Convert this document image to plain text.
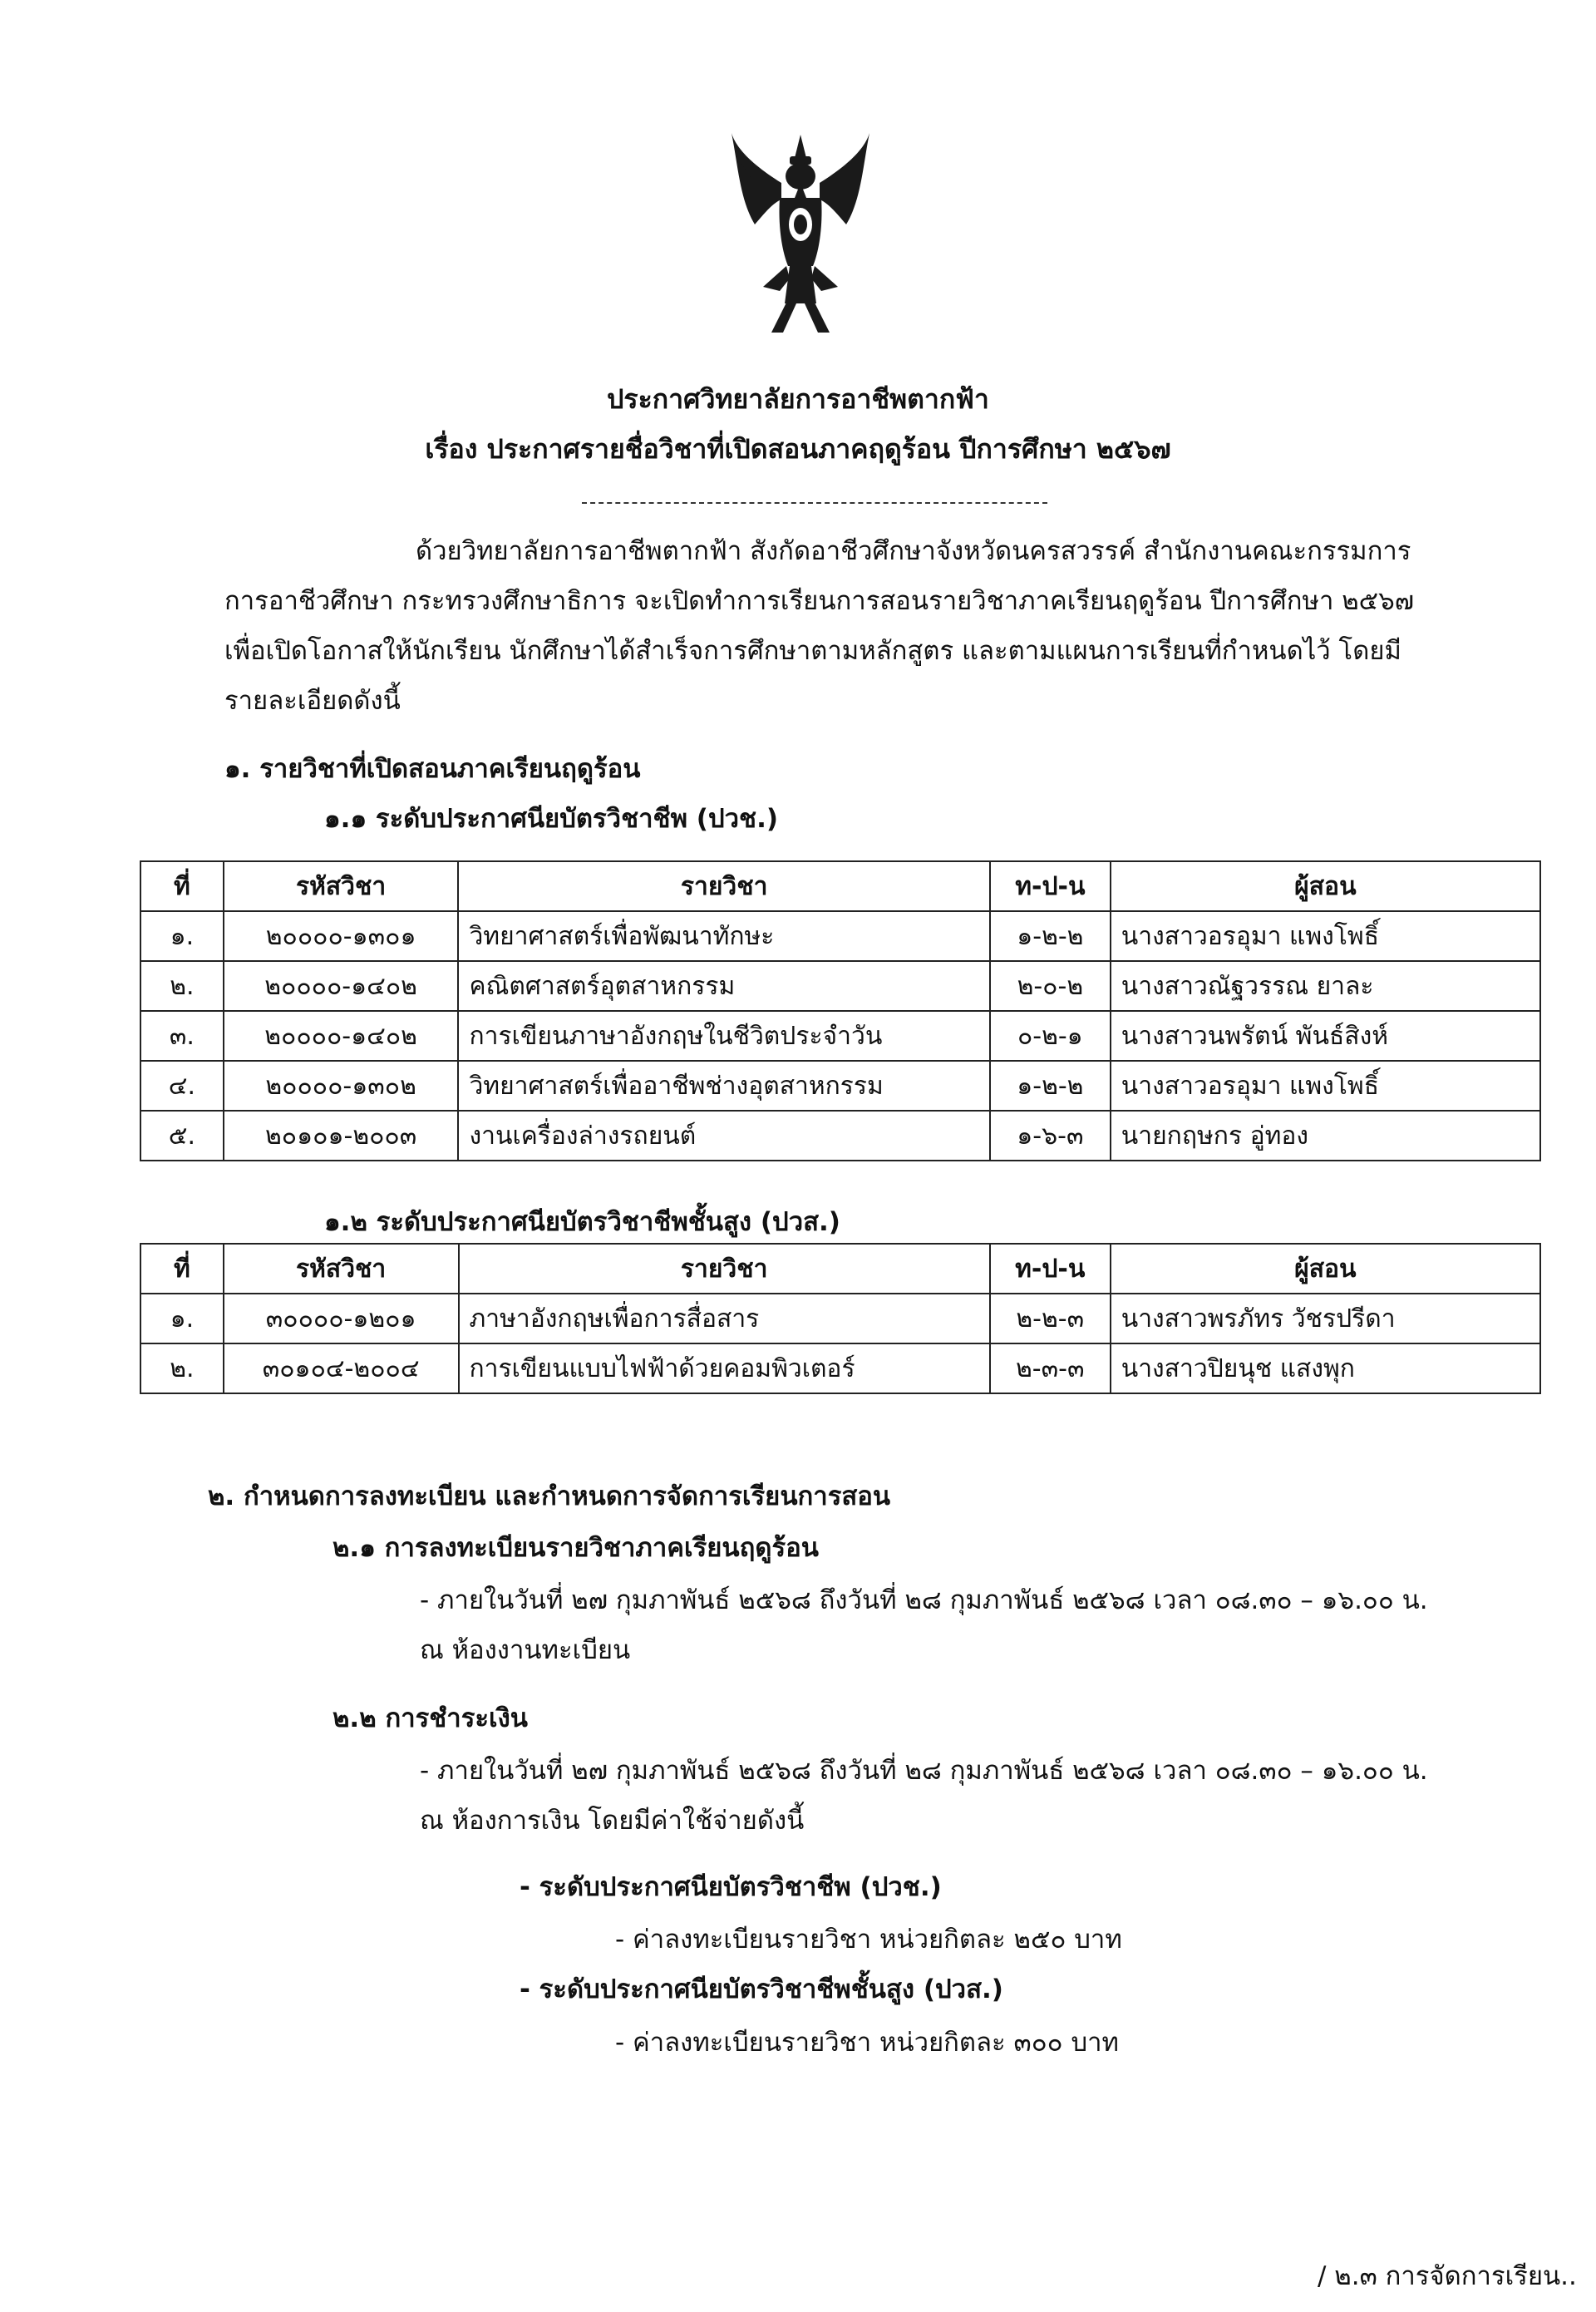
ประกาศวิทยาลัยการอาชีพตากฟ้า
เรื่อง ประกาศรายชื่อวิชาที่เปิดสอนภาคฤดูร้อน ปีการศึกษา ๒๕๖๗
ด้วยวิทยาลัยการอาชีพตากฟ้า สังกัดอาชีวศึกษาจังหวัดนครสวรรค์ สำนักงานคณะกรรมการ
การอาชีวศึกษา กระทรวงศึกษาธิการ จะเปิดทำการเรียนการสอนรายวิชาภาคเรียนฤดูร้อน ปีการศึกษา ๒๕๖๗
เพื่อเปิดโอกาสให้นักเรียน นักศึกษาได้สำเร็จการศึกษาตามหลักสูตร และตามแผนการเรียนที่กำหนดไว้ โดยมี
รายละเอียดดังนี้
๑. รายวิชาที่เปิดสอนภาคเรียนฤดูร้อน
๑.๑ ระดับประกาศนียบัตรวิชาชีพ (ปวช.)
ที่	รหัสวิชา	รายวิชา	ท-ป-น	ผู้สอน
๑.	๒๐๐๐๐-๑๓๐๑	วิทยาศาสตร์เพื่อพัฒนาทักษะ	๑-๒-๒	นางสาวอรอุมา แพงโพธิ์
๒.	๒๐๐๐๐-๑๔๐๒	คณิตศาสตร์อุตสาหกรรม	๒-๐-๒	นางสาวณัฐวรรณ ยาละ
๓.	๒๐๐๐๐-๑๔๐๒	การเขียนภาษาอังกฤษในชีวิตประจำวัน	๐-๒-๑	นางสาวนพรัตน์ พันธ์สิงห์
๔.	๒๐๐๐๐-๑๓๐๒	วิทยาศาสตร์เพื่ออาชีพช่างอุตสาหกรรม	๑-๒-๒	นางสาวอรอุมา แพงโพธิ์
๕.	๒๐๑๐๑-๒๐๐๓	งานเครื่องล่างรถยนต์	๑-๖-๓	นายกฤษกร อู่ทอง
๑.๒ ระดับประกาศนียบัตรวิชาชีพชั้นสูง (ปวส.)
ที่	รหัสวิชา	รายวิชา	ท-ป-น	ผู้สอน
๑.	๓๐๐๐๐-๑๒๐๑	ภาษาอังกฤษเพื่อการสื่อสาร	๒-๒-๓	นางสาวพรภัทร วัชรปรีดา
๒.	๓๐๑๐๔-๒๐๐๔	การเขียนแบบไฟฟ้าด้วยคอมพิวเตอร์	๒-๓-๓	นางสาวปิยนุช แสงพุก
๒. กำหนดการลงทะเบียน และกำหนดการจัดการเรียนการสอน
๒.๑ การลงทะเบียนรายวิชาภาคเรียนฤดูร้อน
- ภายในวันที่ ๒๗ กุมภาพันธ์ ๒๕๖๘ ถึงวันที่ ๒๘ กุมภาพันธ์ ๒๕๖๘ เวลา ๐๘.๓๐ – ๑๖.๐๐ น.
ณ ห้องงานทะเบียน
๒.๒ การชำระเงิน
- ภายในวันที่ ๒๗ กุมภาพันธ์ ๒๕๖๘ ถึงวันที่ ๒๘ กุมภาพันธ์ ๒๕๖๘ เวลา ๐๘.๓๐ – ๑๖.๐๐ น.
ณ ห้องการเงิน โดยมีค่าใช้จ่ายดังนี้
- ระดับประกาศนียบัตรวิชาชีพ (ปวช.)
- ค่าลงทะเบียนรายวิชา หน่วยกิตละ ๒๕๐ บาท
- ระดับประกาศนียบัตรวิชาชีพชั้นสูง (ปวส.)
- ค่าลงทะเบียนรายวิชา หน่วยกิตละ ๓๐๐ บาท
/ ๒.๓ การจัดการเรียน..
